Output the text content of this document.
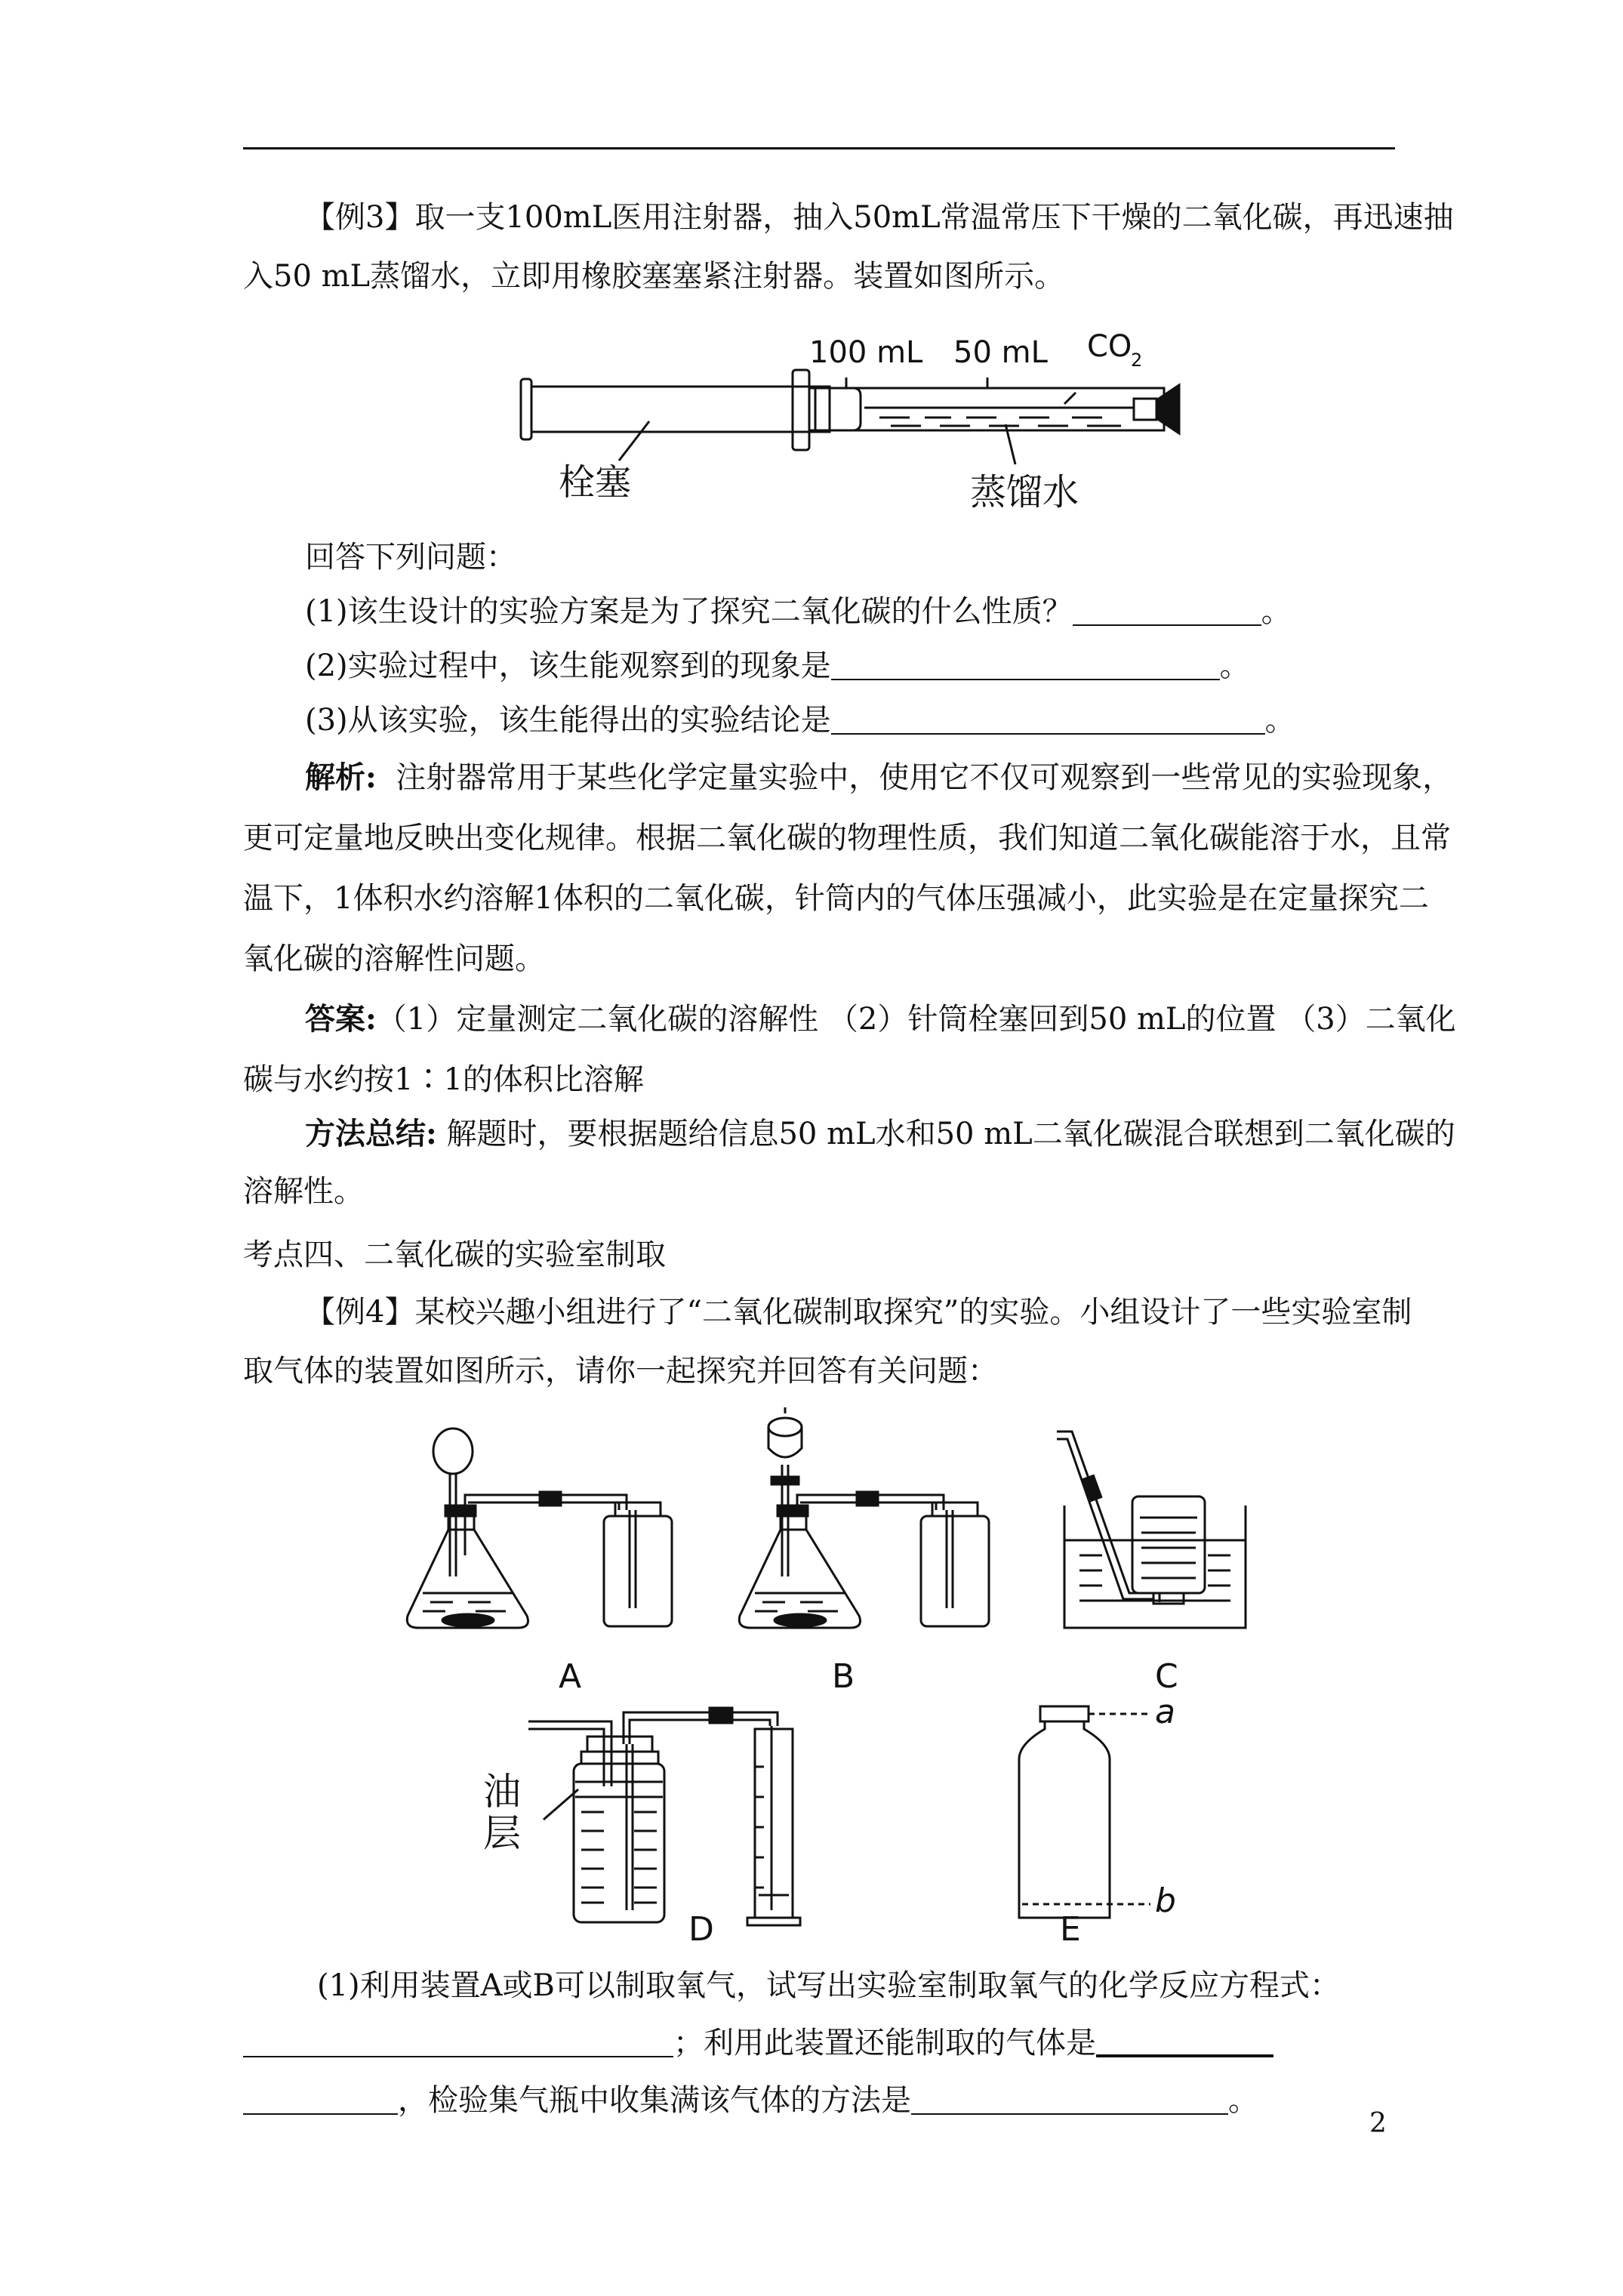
【例3】取一支100mL医用注射器，抽入50mL常温常压下干燥的二氧化碳，再迅速抽
入50 mL蒸馏水，立即用橡胶塞塞紧注射器。装置如图所示。
100 mL 50 mL CO
2
栓塞	蒸馏水
回答下列问题：
(1)该生设计的实验方案是为了探究二氧化碳的什么性质？	。
(2)实验过程中，该生能观察到的现象是	。
(3)从该实验，该生能得出的实验结论是	。
解析: 注射器常用于某些化学定量实验中，使用它不仅可观察到一些常见的实验现象，
更可定量地反映出变化规律。根据二氧化碳的物理性质，我们知道二氧化碳能溶于水，且常
温下，1体积水约溶解1体积的二氧化碳，针筒内的气体压强减小，此实验是在定量探究二
氧化碳的溶解性问题。
答案:（1）定量测定二氧化碳的溶解性 （2）针筒栓塞回到50 mL的位置 （3）二氧化
碳与水约按1∶1的体积比溶解
方法总结: 解题时，要根据题给信息50 mL水和50 mL二氧化碳混合联想到二氧化碳的
溶解性。
考点四、二氧化碳的实验室制取
【例4】某校兴趣小组进行了“二氧化碳制取探究”的实验。小组设计了一些实验室制
取气体的装置如图所示，请你一起探究并回答有关问题：
A	B	C
D	E
油
层
a
b
(1)利用装置A或B可以制取氧气，试写出实验室制取氧气的化学反应方程式：
；利用此装置还能制取的气体是
，检验集气瓶中收集满该气体的方法是	。
2
